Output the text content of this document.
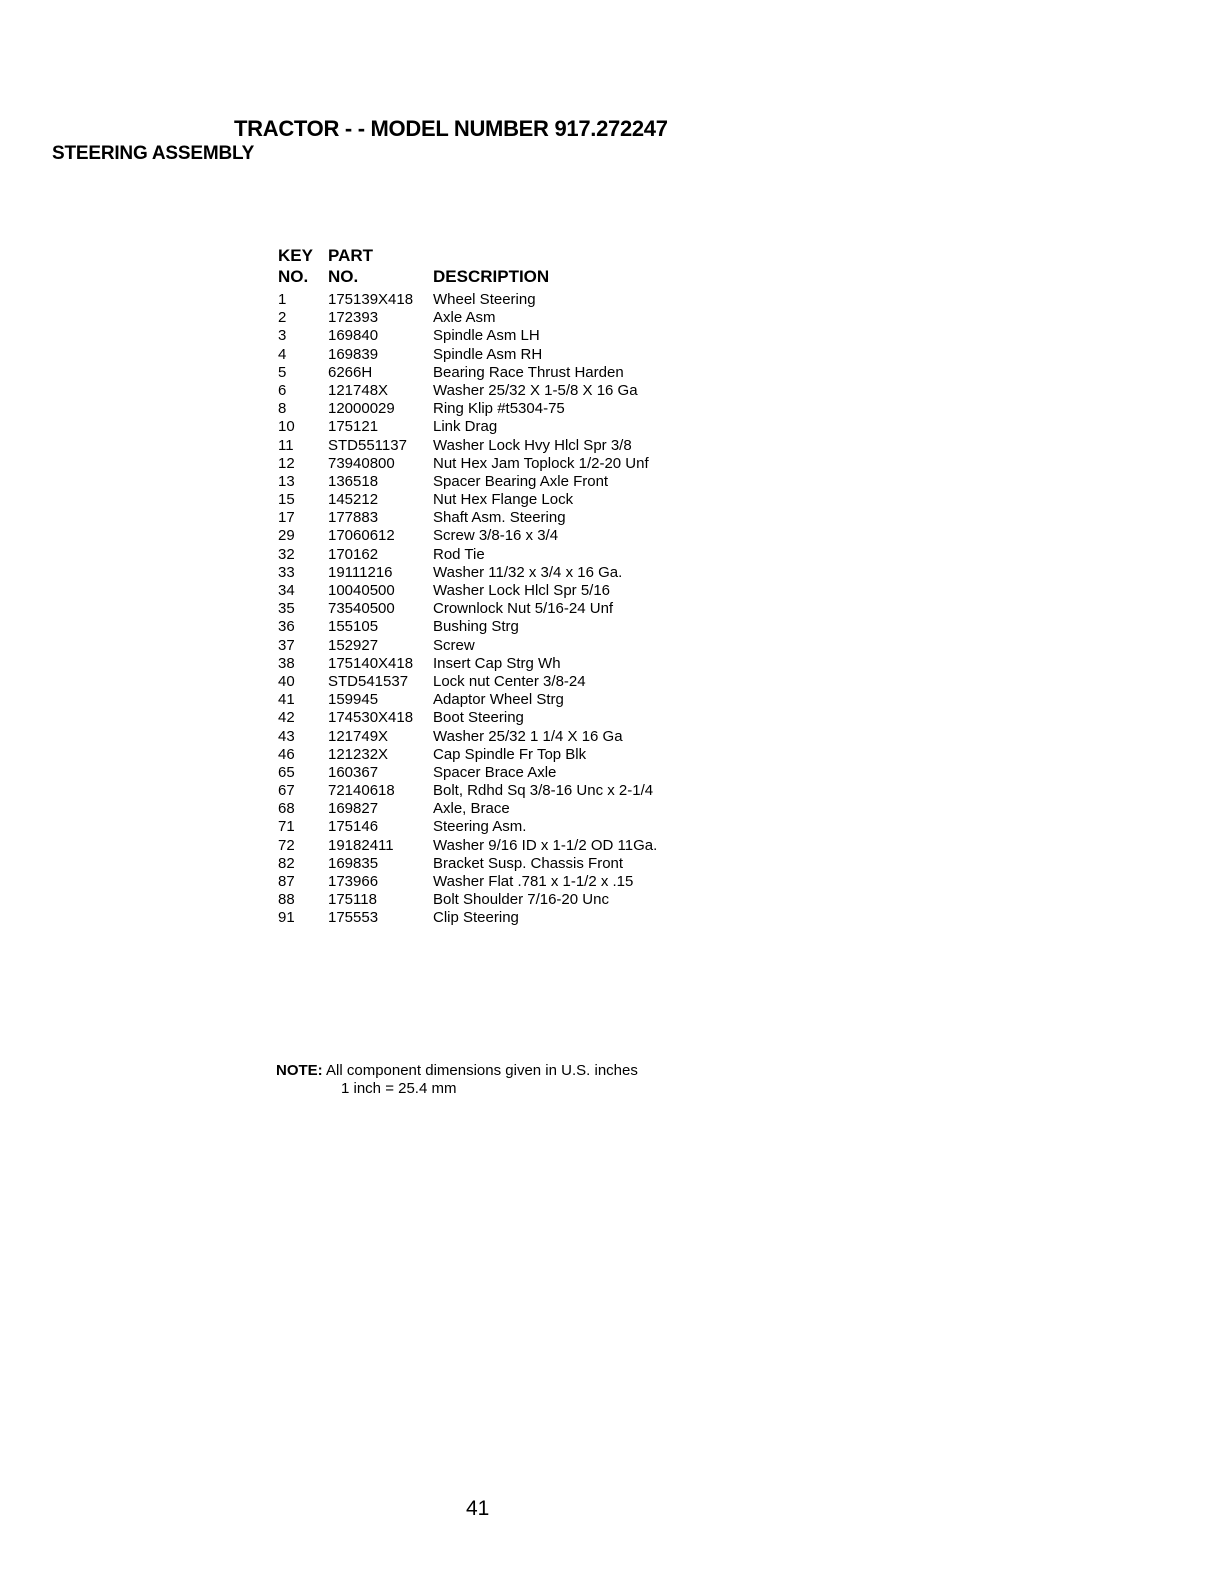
TRACTOR - - MODEL NUMBER 917.272247
STEERING ASSEMBLY
KEY PART
NO. NO.	DESCRIPTION
1	175139X418 Wheel Steering
2	172393	Axle Asm
3	169840	Spindle Asm LH
4	169839	Spindle Asm RH
5	6266H	Bearing Race Thrust Harden
6	121748X	Washer 25/32 X 1-5/8 X 16 Ga
8	12000029	Ring Klip #t5304-75
10 175121	Link Drag
11 STD551137 Washer Lock Hvy Hlcl Spr 3/8
12 73940800	Nut Hex Jam Toplock 1/2-20 Unf
13 136518	Spacer Bearing Axle Front
15 145212	Nut Hex Flange Lock
17 177883	Shaft Asm. Steering
29 17060612	Screw 3/8-16 x 3/4
32 170162	Rod Tie
33 19111216	Washer 11/32 x 3/4 x 16 Ga.
34 10040500	Washer Lock Hlcl Spr 5/16
35 73540500	Crownlock Nut 5/16-24 Unf
36 155105	Bushing Strg
37 152927	Screw
38 175140X418 Insert Cap Strg Wh
40 STD541537 Lock nut Center 3/8-24
41 159945	Adaptor Wheel Strg
42 174530X418 Boot Steering
43 121749X	Washer 25/32 1 1/4 X 16 Ga
46 121232X	Cap Spindle Fr Top Blk
65 160367	Spacer Brace Axle
67 72140618	Bolt, Rdhd Sq 3/8-16 Unc x 2-1/4
68 169827	Axle, Brace
71 175146	Steering Asm.
72 19182411	Washer 9/16 ID x 1-1/2 OD 11Ga.
82 169835	Bracket Susp. Chassis Front
87 173966	Washer Flat .781 x 1-1/2 x .15
88 175118	Bolt Shoulder 7/16-20 Unc
91 175553	Clip Steering
NOTE: All component dimensions given in U.S. inches
1 inch = 25.4 mm
41
